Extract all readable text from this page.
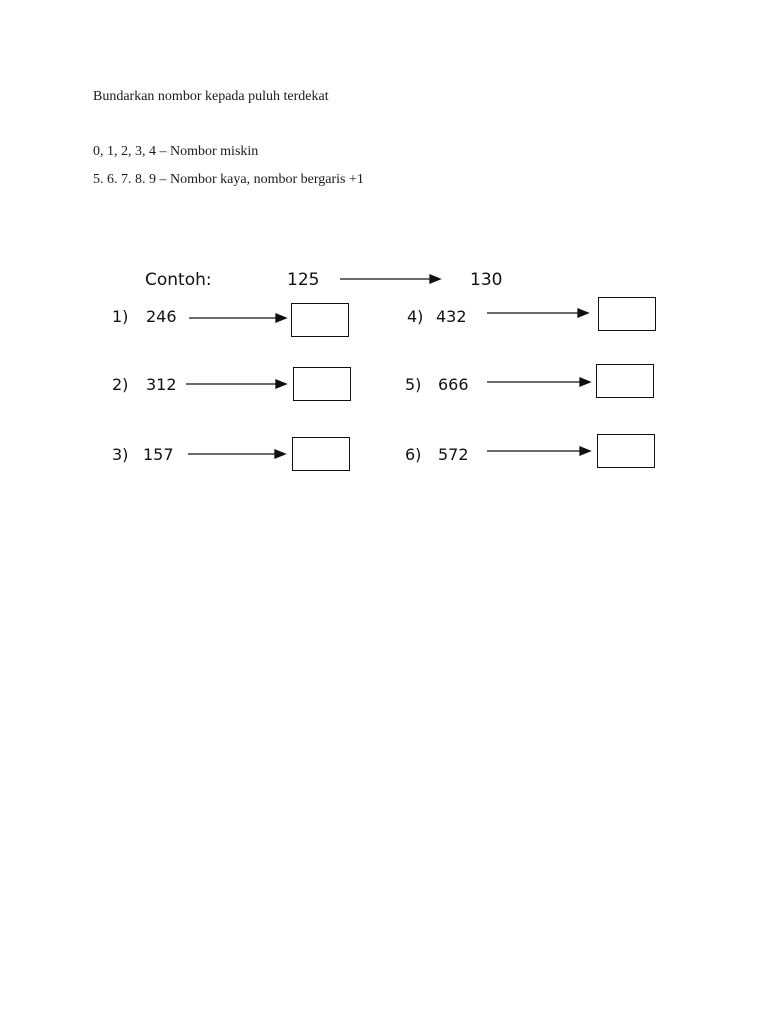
Bundarkan nombor kepada puluh terdekat
0, 1, 2, 3, 4 – Nombor miskin
5. 6. 7. 8. 9 – Nombor kaya, nombor bergaris +1
Contoh:	125	130
1) 246
2) 312
3) 157
4) 432
5) 666
6) 572
